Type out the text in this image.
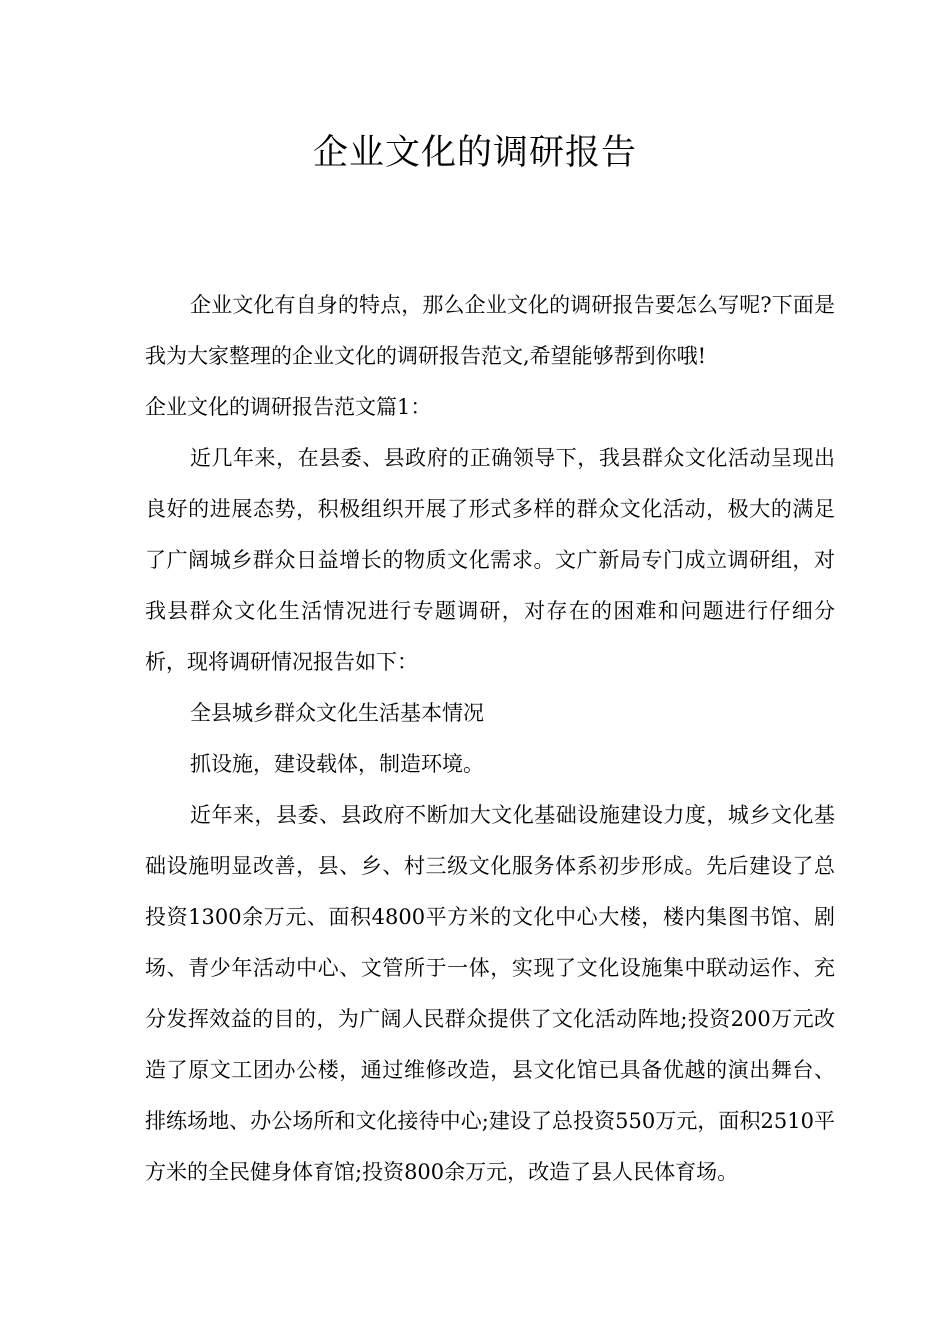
企业文化的调研报告

企业文化有自身的特点，那么企业文化的调研报告要怎么写呢?下面是我为大家整理的企业文化的调研报告范文,希望能够帮到你哦!

企业文化的调研报告范文篇1：

近几年来，在县委、县政府的正确领导下，我县群众文化活动呈现出良好的进展态势，积极组织开展了形式多样的群众文化活动，极大的满足了广阔城乡群众日益增长的物质文化需求。文广新局专门成立调研组，对我县群众文化生活情况进行专题调研，对存在的困难和问题进行仔细分析，现将调研情况报告如下：

全县城乡群众文化生活基本情况

抓设施，建设载体，制造环境。

近年来，县委、县政府不断加大文化基础设施建设力度，城乡文化基础设施明显改善，县、乡、村三级文化服务体系初步形成。先后建设了总投资1300余万元、面积4800平方米的文化中心大楼，楼内集图书馆、剧场、青少年活动中心、文管所于一体，实现了文化设施集中联动运作、充分发挥效益的目的，为广阔人民群众提供了文化活动阵地;投资200万元改造了原文工团办公楼，通过维修改造，县文化馆已具备优越的演出舞台、排练场地、办公场所和文化接待中心;建设了总投资550万元，面积2510平方米的全民健身体育馆;投资800余万元，改造了县人民体育场。
